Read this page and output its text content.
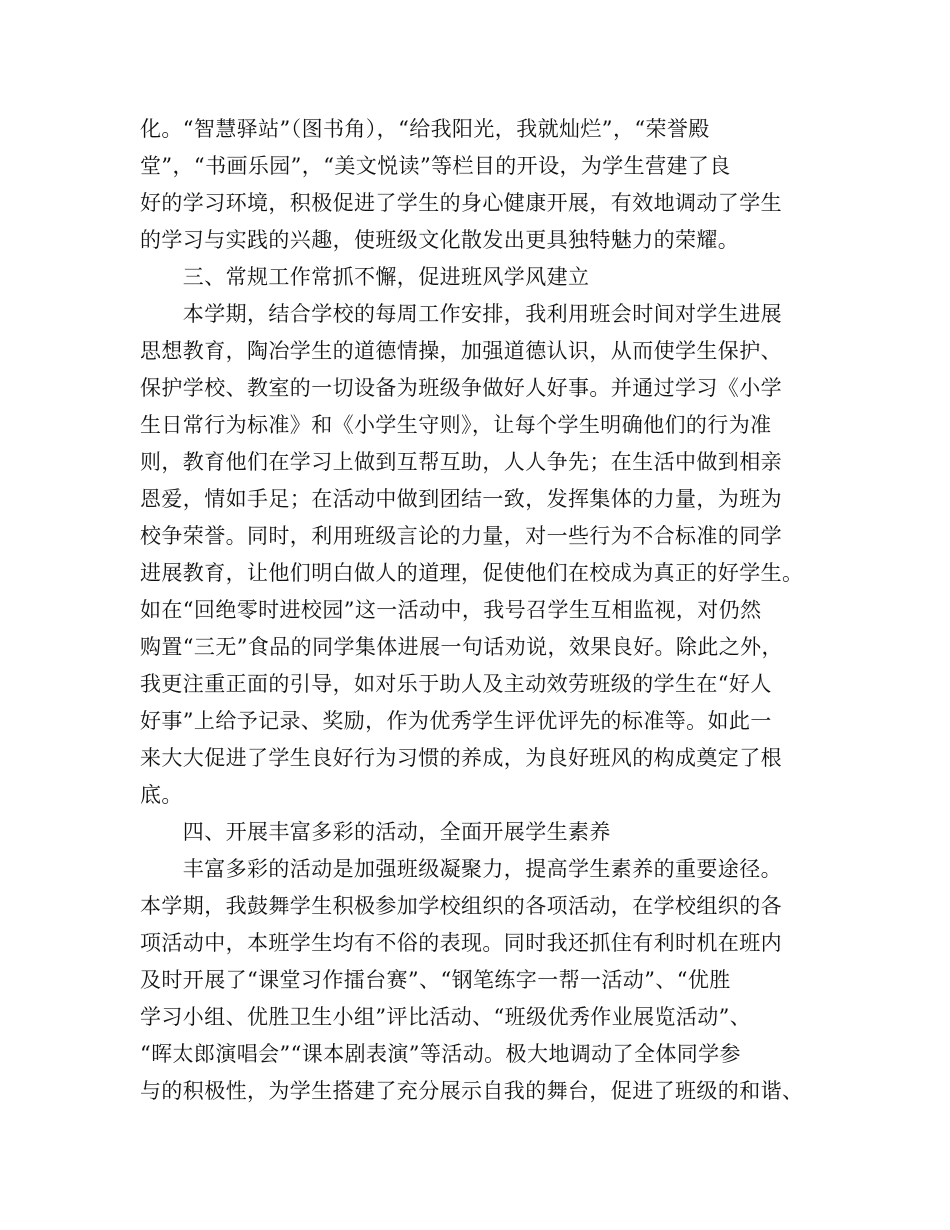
化。“智慧驿站”（图书角），“给我阳光，我就灿烂”，“荣誉殿
堂”，“书画乐园”，“美文悦读”等栏目的开设，为学生营建了良
好的学习环境，积极促进了学生的身心健康开展，有效地调动了学生
的学习与实践的兴趣，使班级文化散发出更具独特魅力的荣耀。
　　三、常规工作常抓不懈，促进班风学风建立
　　本学期，结合学校的每周工作安排，我利用班会时间对学生进展
思想教育，陶冶学生的道德情操，加强道德认识，从而使学生保护、
保护学校、教室的一切设备为班级争做好人好事。并通过学习《小学
生日常行为标准》和《小学生守则》，让每个学生明确他们的行为准
则，教育他们在学习上做到互帮互助，人人争先；在生活中做到相亲
恩爱，情如手足；在活动中做到团结一致，发挥集体的力量，为班为
校争荣誉。同时，利用班级言论的力量，对一些行为不合标准的同学
进展教育，让他们明白做人的道理，促使他们在校成为真正的好学生。
如在“回绝零时进校园”这一活动中，我号召学生互相监视，对仍然
购置“三无”食品的同学集体进展一句话劝说，效果良好。除此之外，
我更注重正面的引导，如对乐于助人及主动效劳班级的学生在“好人
好事”上给予记录、奖励，作为优秀学生评优评先的标准等。如此一
来大大促进了学生良好行为习惯的养成，为良好班风的构成奠定了根
底。
　　四、开展丰富多彩的活动，全面开展学生素养
　　丰富多彩的活动是加强班级凝聚力，提高学生素养的重要途径。
本学期，我鼓舞学生积极参加学校组织的各项活动，在学校组织的各
项活动中，本班学生均有不俗的表现。同时我还抓住有利时机在班内
及时开展了“课堂习作擂台赛”、“钢笔练字一帮一活动”、“优胜
学习小组、优胜卫生小组”评比活动、“班级优秀作业展览活动”、
“晖太郎演唱会”“课本剧表演”等活动。极大地调动了全体同学参
与的积极性，为学生搭建了充分展示自我的舞台，促进了班级的和谐、
